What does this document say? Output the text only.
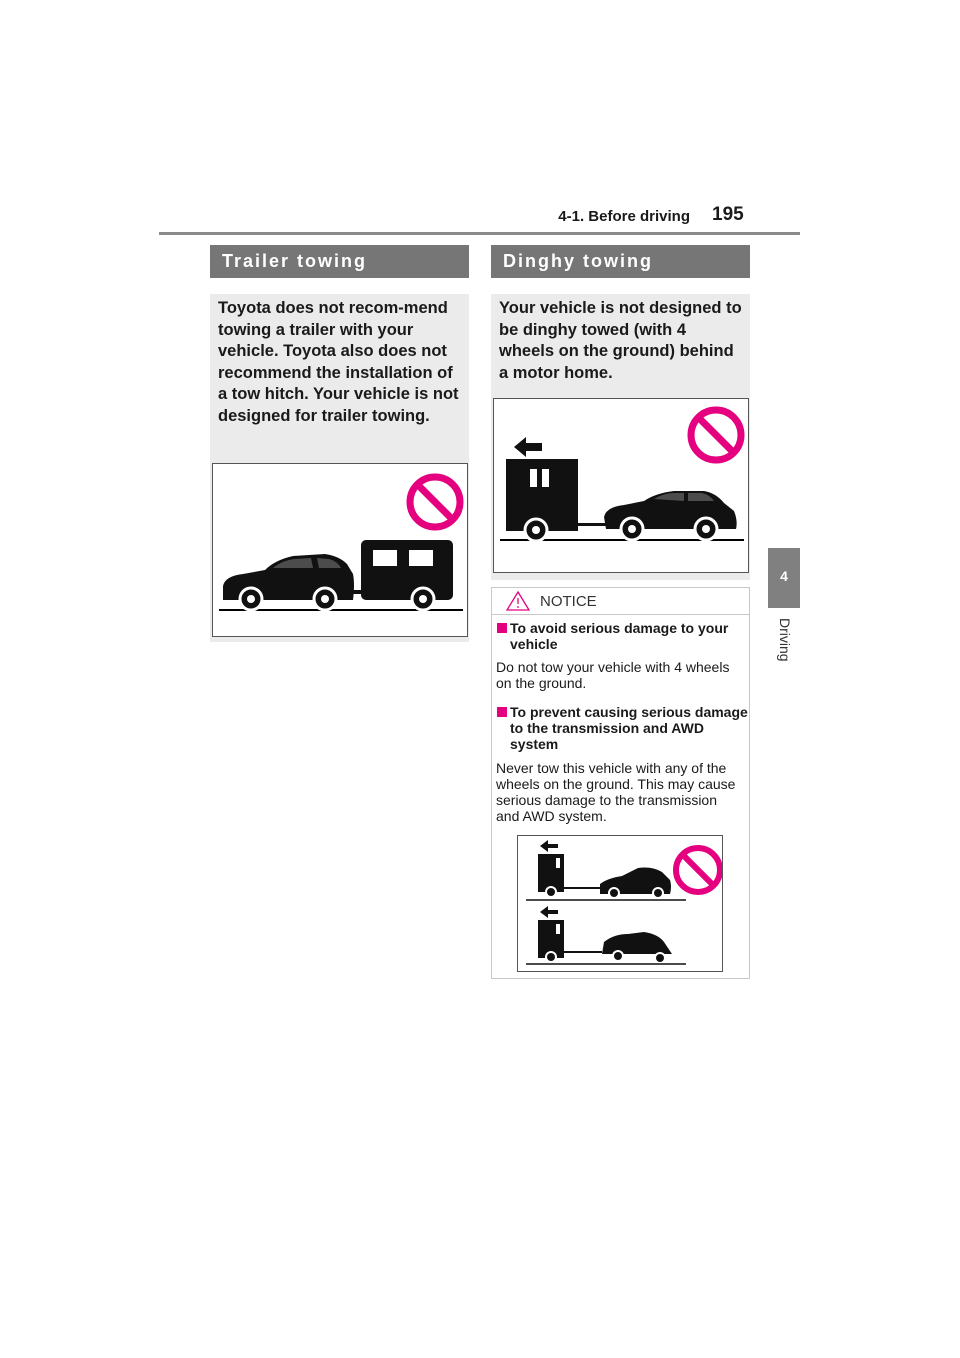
4-1. Before driving 195
4
Driving
Trailer towing
Toyota does not recom-mend towing a trailer with your vehicle. Toyota also does not recommend the installation of a tow hitch. Your vehicle is not designed for trailer towing.
Dinghy towing
Your vehicle is not designed to be dinghy towed (with 4 wheels on the ground) behind a motor home.
NOTICE
To avoid serious damage to your vehicle
Do not tow your vehicle with 4 wheels on the ground.
To prevent causing serious damage to the transmission and AWD system
Never tow this vehicle with any of the wheels on the ground. This may cause serious damage to the transmission and AWD system.
